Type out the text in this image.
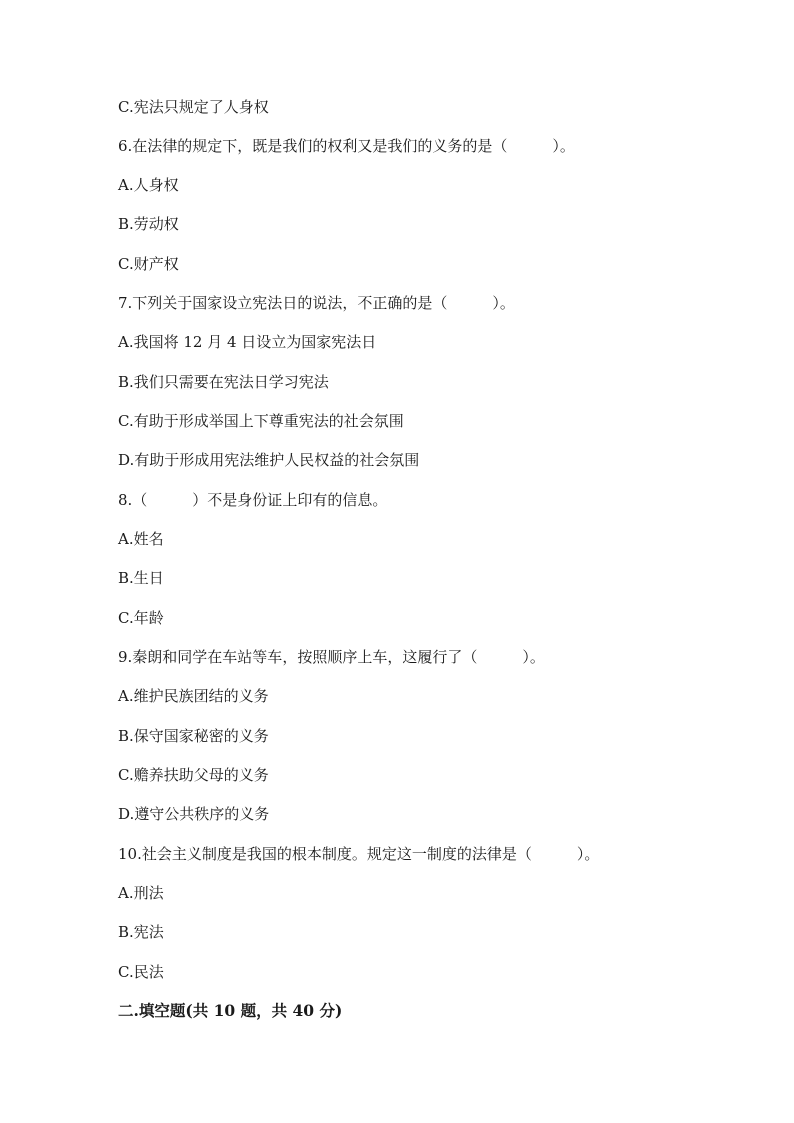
C.宪法只规定了人身权
6.在法律的规定下，既是我们的权利又是我们的义务的是（　　　）。
A.人身权
B.劳动权
C.财产权
7.下列关于国家设立宪法日的说法，不正确的是（　　　）。
A.我国将 12 月 4 日设立为国家宪法日
B.我们只需要在宪法日学习宪法
C.有助于形成举国上下尊重宪法的社会氛围
D.有助于形成用宪法维护人民权益的社会氛围
8.（　　　）不是身份证上印有的信息。
A.姓名
B.生日
C.年龄
9.秦朗和同学在车站等车，按照顺序上车，这履行了（　　　）。
A.维护民族团结的义务
B.保守国家秘密的义务
C.赡养扶助父母的义务
D.遵守公共秩序的义务
10.社会主义制度是我国的根本制度。规定这一制度的法律是（　　　）。
A.刑法
B.宪法
C.民法
二.填空题(共 10 题，共 40 分)
